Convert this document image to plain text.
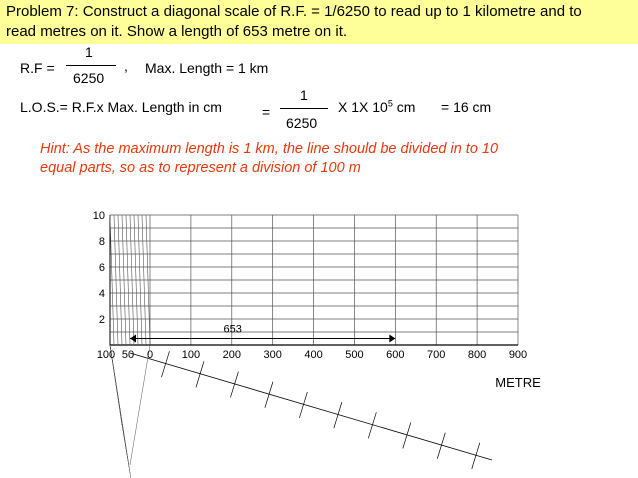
Problem 7: Construct a diagonal scale of R.F. = 1/6250 to read up to 1 kilometre and to
read metres on it. Show a length of 653 metre on it.
R.F =
1
6250
, Max. Length = 1 km
L.O.S.= R.F.x Max. Length in cm	=
1
6250
X 1X $10^5$ cm = 16 cm
Hint: As the maximum length is 1 km, the line should be divided in to 10
equal parts, so as to represent a division of 100 m
10
8
6
4
2
100 50 0	100 200 300 400 500 600 700 800 900
653
METRE
